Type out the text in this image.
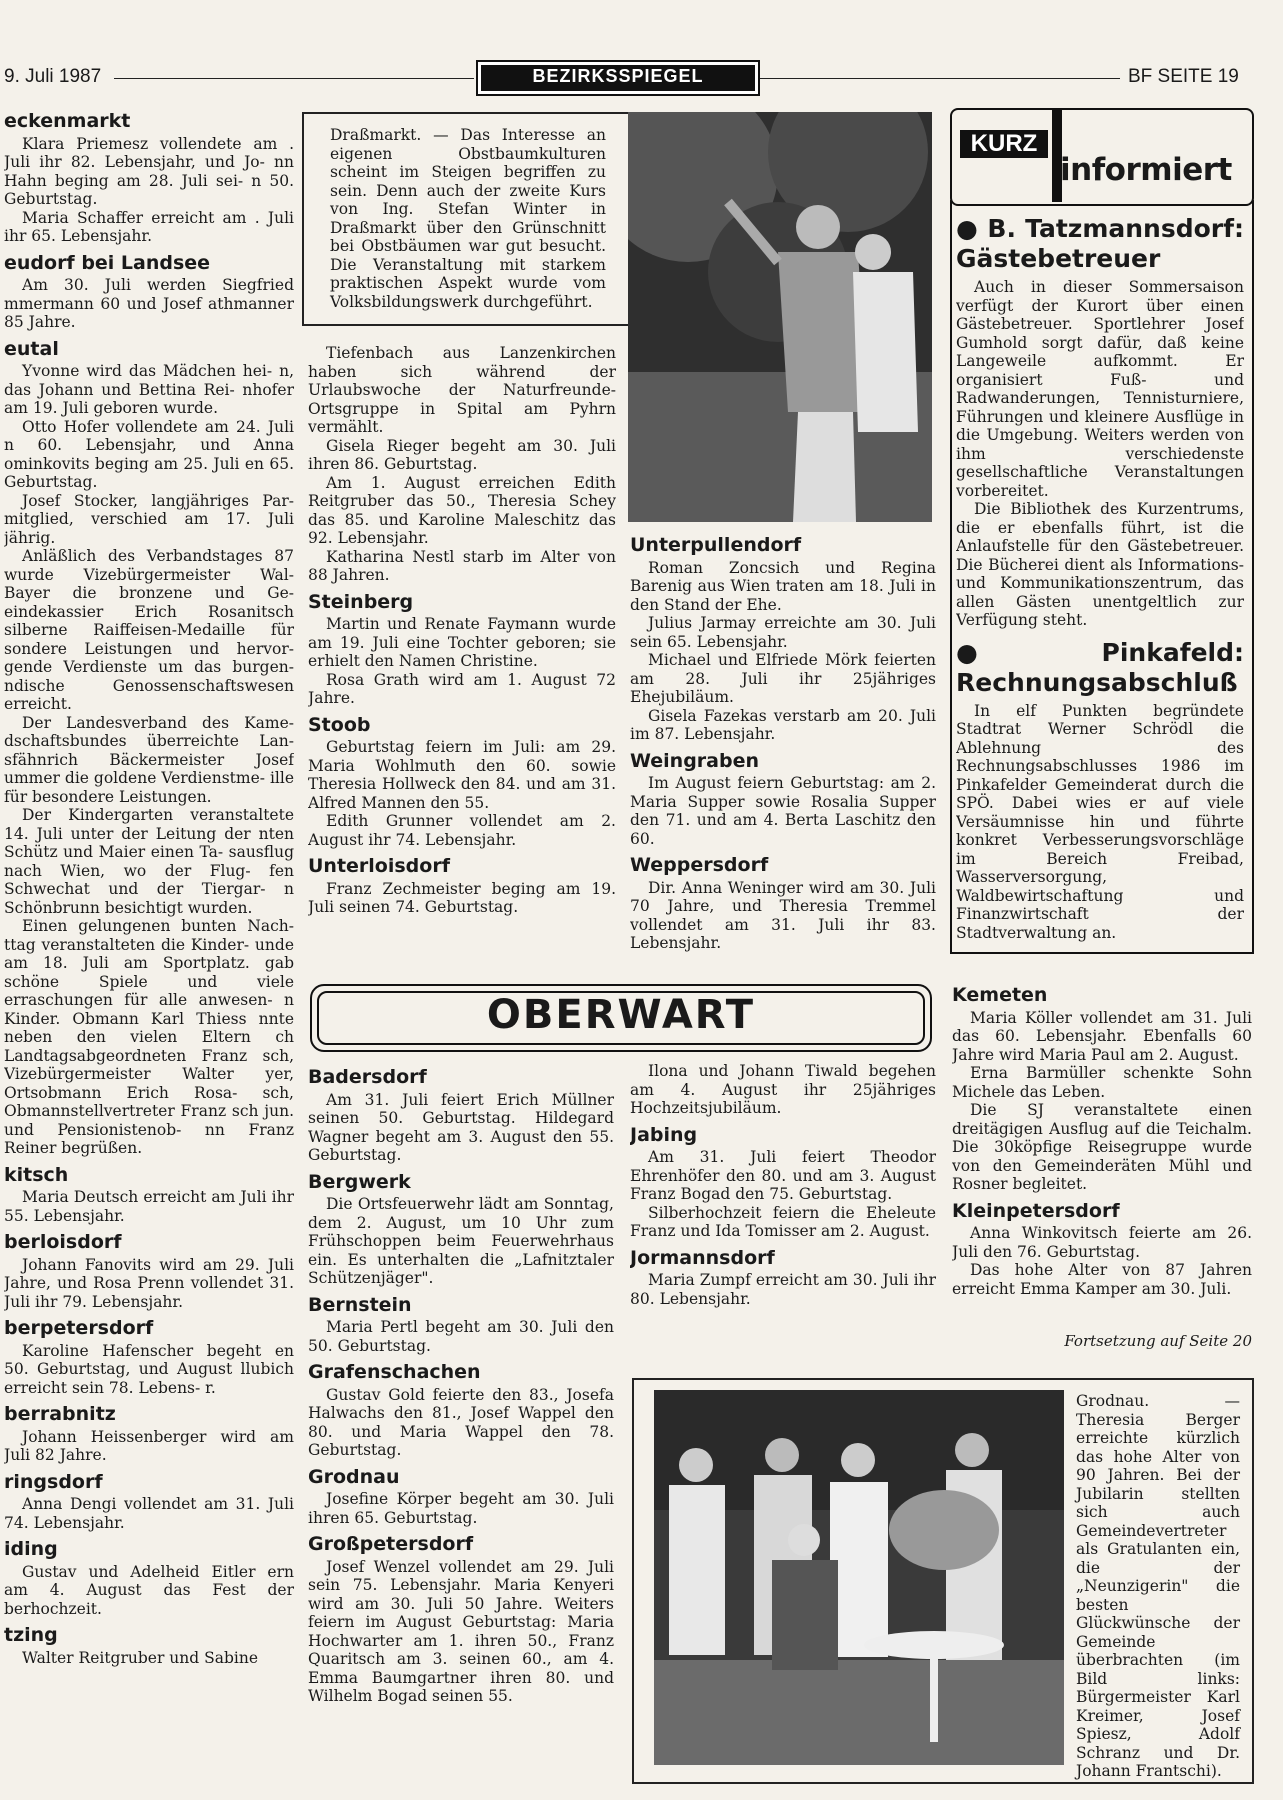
9. Juli 1987	BEZIRKSSPIEGEL	BF SEITE 19
eckenmarkt

Klara Priemesz vollendete am . Juli ihr 82. Lebensjahr, und Jo- nn Hahn beging am 28. Juli sei- n 50. Geburtstag.

Maria Schaffer erreicht am . Juli ihr 65. Lebensjahr.

eudorf bei Landsee

Am 30. Juli werden Siegfried mmermann 60 und Josef athmanner 85 Jahre.

eutal

Yvonne wird das Mädchen hei- n, das Johann und Bettina Rei- nhofer am 19. Juli geboren wurde.

Otto Hofer vollendete am 24. Juli n 60. Lebensjahr, und Anna ominkovits beging am 25. Juli en 65. Geburtstag.

Josef Stocker, langjähriges Par- mitglied, verschied am 17. Juli jährig.

Anläßlich des Verbandstages 87 wurde Vizebürgermeister Wal- Bayer die bronzene und Ge- eindekassier Erich Rosanitsch silberne Raiffeisen-Medaille für sondere Leistungen und hervor- gende Verdienste um das burgen- ndische Genossenschaftswesen erreicht.

Der Landesverband des Kame- dschaftsbundes überreichte Lan- sfähnrich Bäckermeister Josef ummer die goldene Verdienstme- ille für besondere Leistungen.

Der Kindergarten veranstaltete 14. Juli unter der Leitung der nten Schütz und Maier einen Ta- sausflug nach Wien, wo der Flug- fen Schwechat und der Tiergar- n Schönbrunn besichtigt wurden.

Einen gelungenen bunten Nach- ttag veranstalteten die Kinder- unde am 18. Juli am Sportplatz. gab schöne Spiele und viele erraschungen für alle anwesen- n Kinder. Obmann Karl Thiess nnte neben den vielen Eltern ch Landtagsabgeordneten Franz sch, Vizebürgermeister Walter yer, Ortsobmann Erich Rosa- sch, Obmannstellvertreter Franz sch jun. und Pensionistenob- nn Franz Reiner begrüßen.

kitsch

Maria Deutsch erreicht am Juli ihr 55. Lebensjahr.

berloisdorf

Johann Fanovits wird am 29. Juli Jahre, und Rosa Prenn vollendet 31. Juli ihr 79. Lebensjahr.

berpetersdorf

Karoline Hafenscher begeht en 50. Geburtstag, und August llubich erreicht sein 78. Lebens- r.

berrabnitz

Johann Heissenberger wird am Juli 82 Jahre.

ringsdorf

Anna Dengi vollendet am 31. Juli 74. Lebensjahr.

iding

Gustav und Adelheid Eitler ern am 4. August das Fest der berhochzeit.

tzing

Walter Reitgruber und Sabine

Draßmarkt. — Das Interesse an eigenen Obstbaumkulturen scheint im Steigen begriffen zu sein. Denn auch der zweite Kurs von Ing. Stefan Winter in Draßmarkt über den Grünschnitt bei Obstbäumen war gut besucht. Die Veranstaltung mit starkem praktischen Aspekt wurde vom Volksbildungswerk durchgeführt.

Tiefenbach aus Lanzenkirchen haben sich während der Urlaubswoche der Naturfreunde-Ortsgruppe in Spital am Pyhrn vermählt.

Gisela Rieger begeht am 30. Juli ihren 86. Geburtstag.

Am 1. August erreichen Edith Reitgruber das 50., Theresia Schey das 85. und Karoline Maleschitz das 92. Lebensjahr.

Katharina Nestl starb im Alter von 88 Jahren.

Steinberg

Martin und Renate Faymann wurde am 19. Juli eine Tochter geboren; sie erhielt den Namen Christine.

Rosa Grath wird am 1. August 72 Jahre.

Stoob

Geburtstag feiern im Juli: am 29. Maria Wohlmuth den 60. sowie Theresia Hollweck den 84. und am 31. Alfred Mannen den 55.

Edith Grunner vollendet am 2. August ihr 74. Lebensjahr.

Unterloisdorf

Franz Zechmeister beging am 19. Juli seinen 74. Geburtstag.

Unterpullendorf

Roman Zoncsich und Regina Barenig aus Wien traten am 18. Juli in den Stand der Ehe.

Julius Jarmay erreichte am 30. Juli sein 65. Lebensjahr.

Michael und Elfriede Mörk feierten am 28. Juli ihr 25jähriges Ehejubiläum.

Gisela Fazekas verstarb am 20. Juli im 87. Lebensjahr.

Weingraben

Im August feiern Geburtstag: am 2. Maria Supper sowie Rosalia Supper den 71. und am 4. Berta Laschitz den 60.

Weppersdorf

Dir. Anna Weninger wird am 30. Juli 70 Jahre, und Theresia Tremmel vollendet am 31. Juli ihr 83. Lebensjahr.

KURZ
informiert
● B. Tatzmannsdorf: Gästebetreuer

Auch in dieser Sommersaison verfügt der Kurort über einen Gästebetreuer. Sportlehrer Josef Gumhold sorgt dafür, daß keine Langeweile aufkommt. Er organisiert Fuß- und Radwanderungen, Tennisturniere, Führungen und kleinere Ausflüge in die Umgebung. Weiters werden von ihm verschiedenste gesellschaftliche Veranstaltungen vorbereitet.

Die Bibliothek des Kurzentrums, die er ebenfalls führt, ist die Anlaufstelle für den Gästebetreuer. Die Bücherei dient als Informations- und Kommunikationszentrum, das allen Gästen unentgeltlich zur Verfügung steht.

● Pinkafeld: Rechnungsabschluß

In elf Punkten begründete Stadtrat Werner Schrödl die Ablehnung des Rechnungsabschlusses 1986 im Pinkafelder Gemeinderat durch die SPÖ. Dabei wies er auf viele Versäumnisse hin und führte konkret Verbesserungsvorschläge im Bereich Freibad, Wasserversorgung, Waldbewirtschaftung und Finanzwirtschaft der Stadtverwaltung an.

OBERWART
Badersdorf

Am 31. Juli feiert Erich Müllner seinen 50. Geburtstag. Hildegard Wagner begeht am 3. August den 55. Geburtstag.

Bergwerk

Die Ortsfeuerwehr lädt am Sonntag, dem 2. August, um 10 Uhr zum Frühschoppen beim Feuerwehrhaus ein. Es unterhalten die „Lafnitztaler Schützenjäger".

Bernstein

Maria Pertl begeht am 30. Juli den 50. Geburtstag.

Grafenschachen

Gustav Gold feierte den 83., Josefa Halwachs den 81., Josef Wappel den 80. und Maria Wappel den 78. Geburtstag.

Grodnau

Josefine Körper begeht am 30. Juli ihren 65. Geburtstag.

Großpetersdorf

Josef Wenzel vollendet am 29. Juli sein 75. Lebensjahr. Maria Kenyeri wird am 30. Juli 50 Jahre. Weiters feiern im August Geburtstag: Maria Hochwarter am 1. ihren 50., Franz Quaritsch am 3. seinen 60., am 4. Emma Baumgartner ihren 80. und Wilhelm Bogad seinen 55.

Ilona und Johann Tiwald begehen am 4. August ihr 25jähriges Hochzeitsjubiläum.

Jabing

Am 31. Juli feiert Theodor Ehrenhöfer den 80. und am 3. August Franz Bogad den 75. Geburtstag.

Silberhochzeit feiern die Eheleute Franz und Ida Tomisser am 2. August.

Jormannsdorf

Maria Zumpf erreicht am 30. Juli ihr 80. Lebensjahr.

Kemeten

Maria Köller vollendet am 31. Juli das 60. Lebensjahr. Ebenfalls 60 Jahre wird Maria Paul am 2. August.

Erna Barmüller schenkte Sohn Michele das Leben.

Die SJ veranstaltete einen dreitägigen Ausflug auf die Teichalm. Die 30köpfige Reisegruppe wurde von den Gemeinderäten Mühl und Rosner begleitet.

Kleinpetersdorf

Anna Winkovitsch feierte am 26. Juli den 76. Geburtstag.

Das hohe Alter von 87 Jahren erreicht Emma Kamper am 30. Juli.

Fortsetzung auf Seite 20
Grodnau. — Theresia Berger erreichte kürzlich das hohe Alter von 90 Jahren. Bei der Jubilarin stellten sich auch Gemeindevertreter als Gratulanten ein, die der „Neunzigerin" die besten Glückwünsche der Gemeinde überbrachten (im Bild links: Bürgermeister Karl Kreimer, Josef Spiesz, Adolf Schranz und Dr. Johann Frantschi).
